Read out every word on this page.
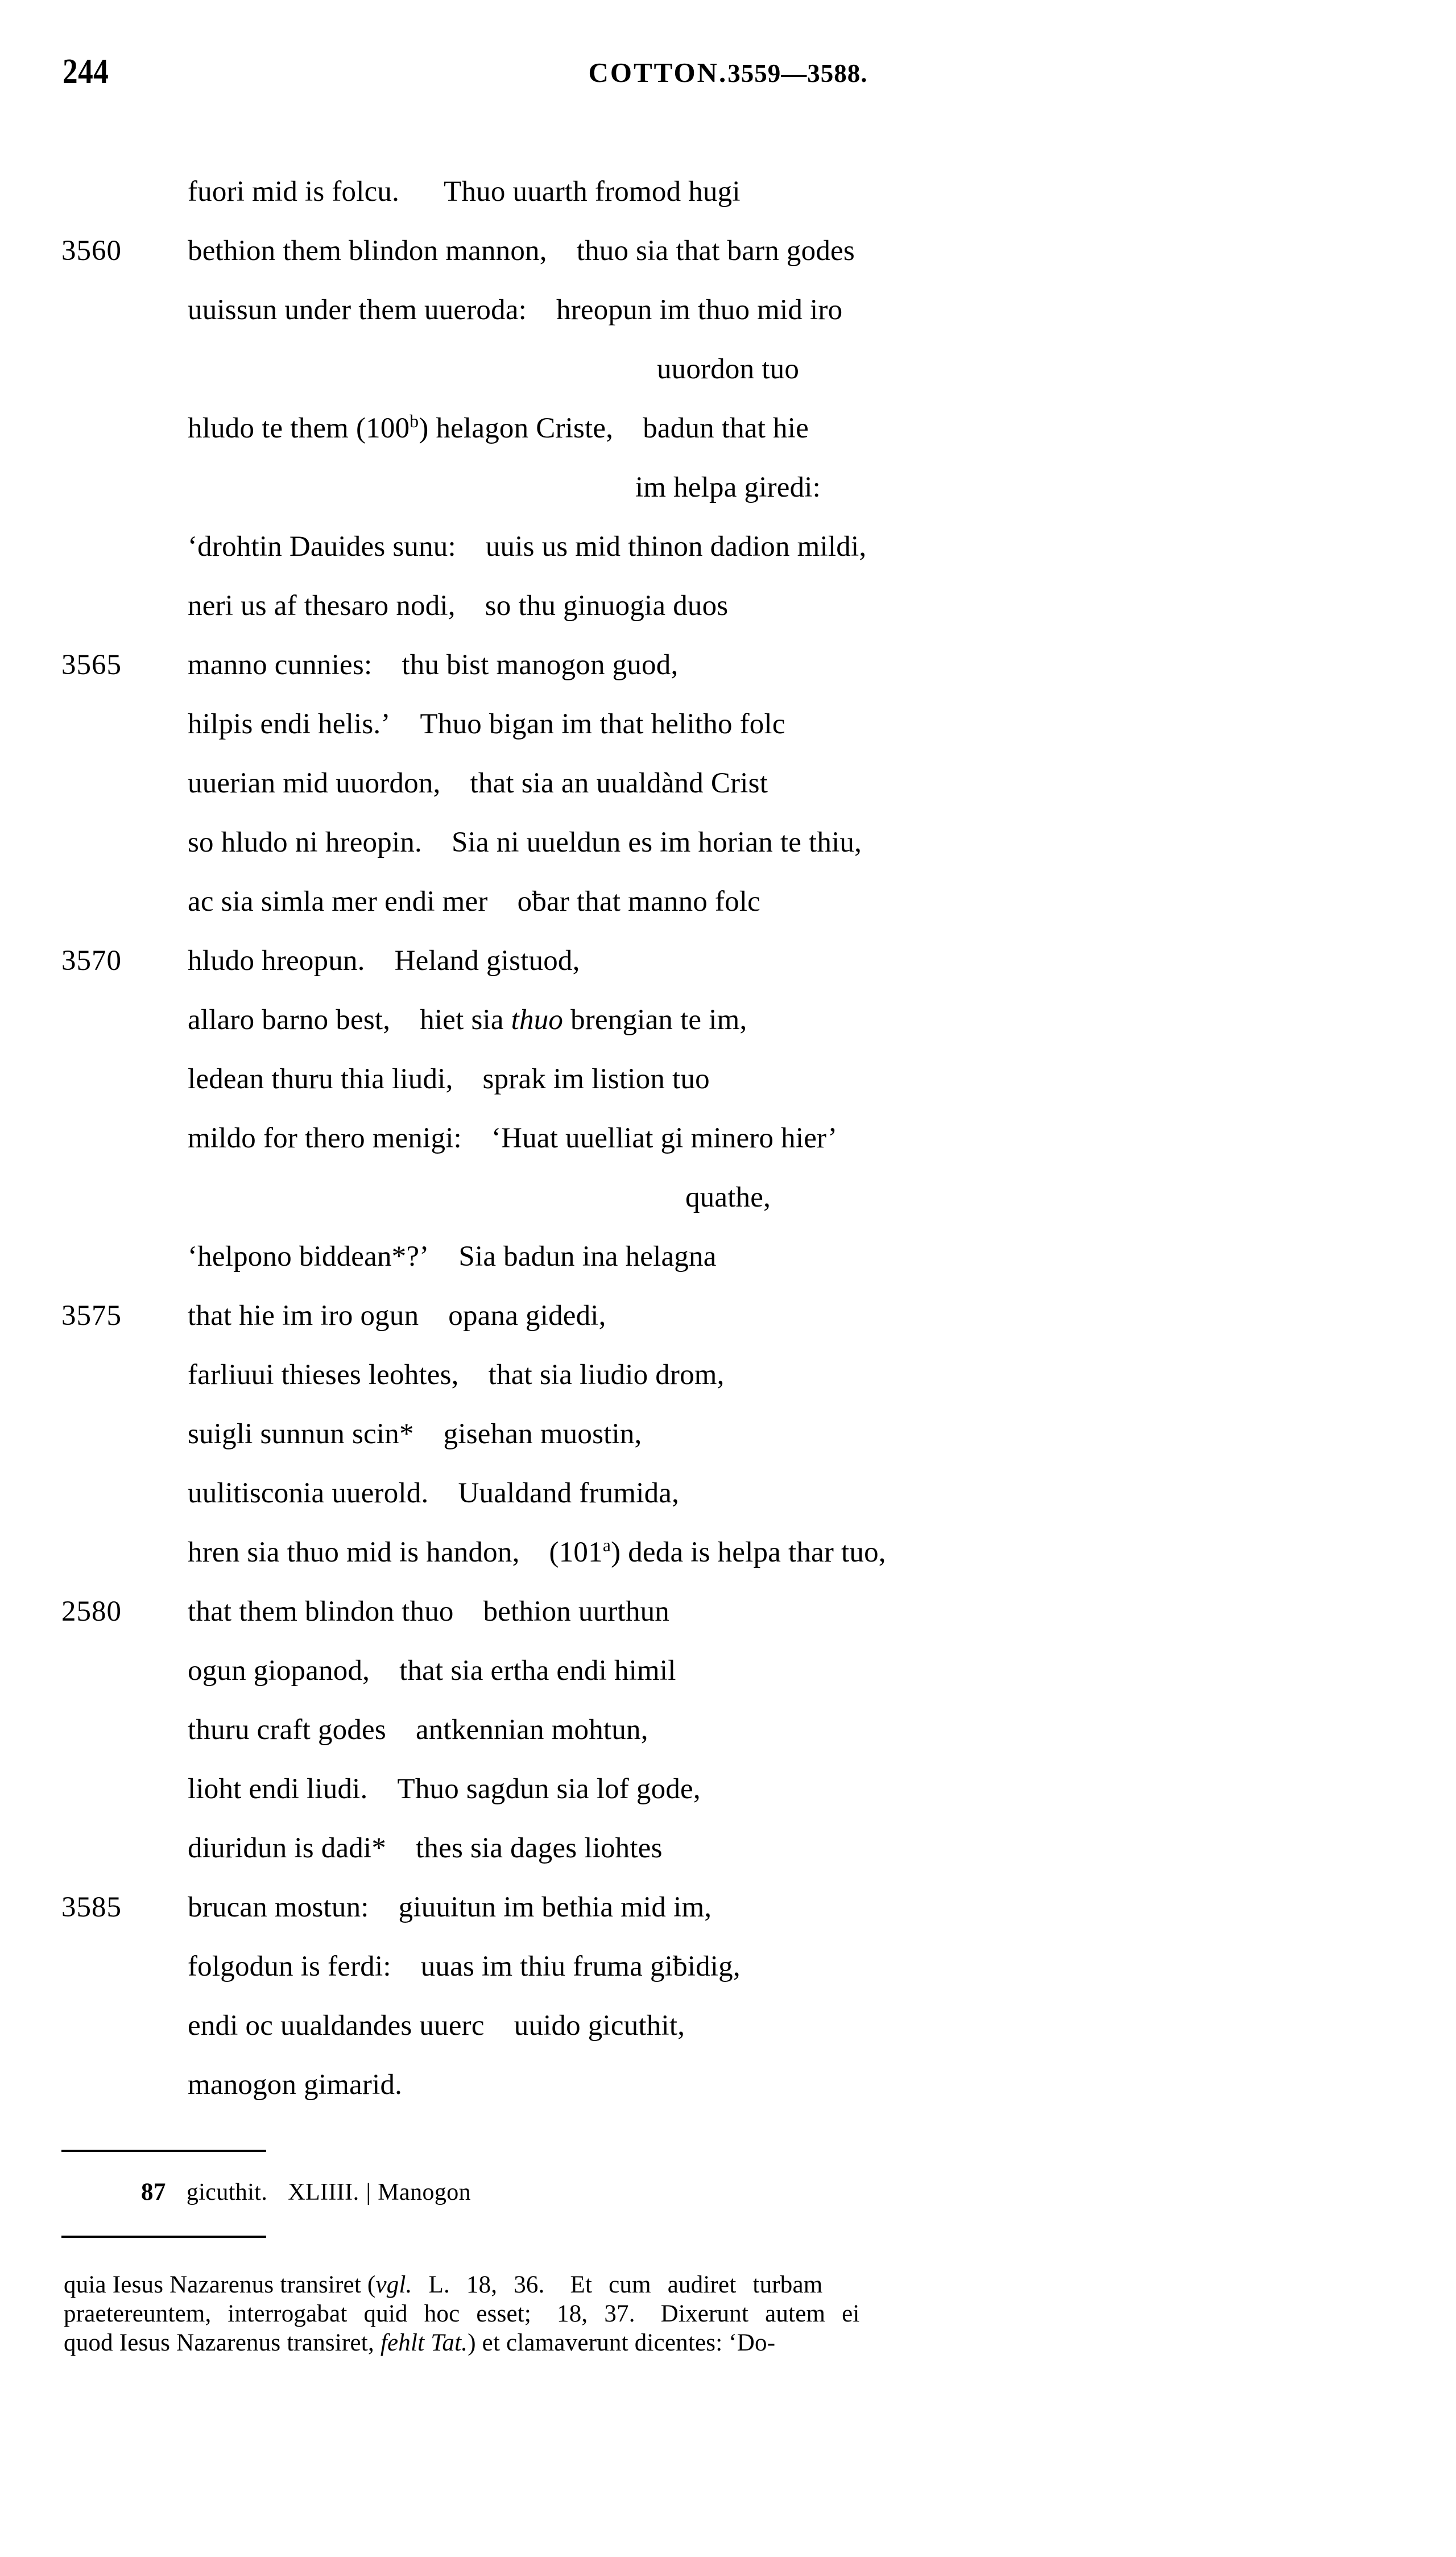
244	COTTON.3559—3588.
fuori mid is folcu. Thuo uuarth fromod hugi
3560	bethion them blindon mannon, thuo sia that barn godes
uuissun under them uueroda: hreopun im thuo mid iro
uuordon tuo
hludo te them (100$^b$) helagon Criste, badun that hie
im helpa giredi:
‘drohtin Dauides sunu: uuis us mid thinon dadion mildi,
neri us af thesaro nodi, so thu ginuogia duos
3565	manno cunnies: thu bist manogon guod,
hilpis endi helis.’ Thuo bigan im that helitho folc
uuerian mid uuordon, that sia an uualdànd Crist
so hludo ni hreopin. Sia ni uueldun es im horian te thiu,
ac sia simla mer endi mer oƀar that manno folc
3570	hludo hreopun. Heland gistuod,
allaro barno best, hiet sia thuo brengian te im,
ledean thuru thia liudi, sprak im listion tuo
mildo for thero menigi: ‘Huat uuelliat gi minero hier’
quathe,
‘helpono biddean*?’ Sia badun ina helagna
3575	that hie im iro ogun opana gidedi,
farliuui thieses leohtes, that sia liudio drom,
suigli sunnun scin* gisehan muostin,
uulitisconia uuerold. Uualdand frumida,
hren sia thuo mid is handon, (101$^a$) deda is helpa thar tuo,
2580	that them blindon thuo bethion uurthun
ogun giopanod, that sia ertha endi himil
thuru craft godes antkennian mohtun,
lioht endi liudi. Thuo sagdun sia lof gode,
diuridun is dadi* thes sia dages liohtes
3585	brucan mostun: giuuitun im bethia mid im,
folgodun is ferdi: uuas im thiu fruma giƀidig,
endi oc uualdandes uuerc uuido gicuthit,
manogon gimarid.
87 gicuthit. XLIIII. | Manogon
quia Iesus Nazarenus transiret (vgl. L. 18, 36. Et cum audiret turbam
praetereuntem, interrogabat quid hoc esset; 18, 37. Dixerunt autem ei
quod Iesus Nazarenus transiret, fehlt Tat.) et clamaverunt dicentes: ‘Do-
